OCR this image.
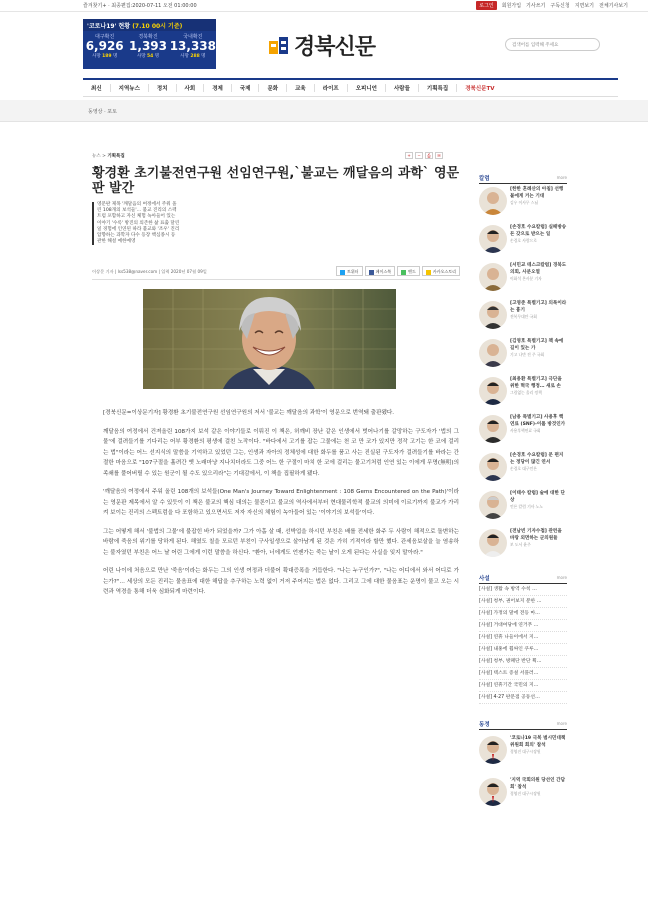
즐겨찾기+ · 최종편집:2020-07-11 오전 01:00:00	로그인	회원가입 기사쓰기 구독신청 지면보기 전체기사보기
'코로나19' 현황 (7.10 00시 기준)
대구확진
6,926
사망 189 명
경북확진
1,393
사망 54 명
국내확진
13,338
사망 288 명	경북신문	검색어를 입력해 주세요
최신	지역뉴스	정치	사회	경제	국제	문화	교육	라이프	오피니언	사람들	기획특집	경북신문TV
동영상 · 포토
뉴스 > 기획특집	+	−	⎙	✉
황경환 초기불전연구원 선임연구원,`불교는 깨달음의 과학` 영문판 발간
영문판 제목 '깨달음의 여정에서 주워 올린 108개의 보석들'… 불교 진리의 스펙트럼 포함하고 자신 체험 녹아들어 있는 이야기 '수록' 방진의 의존한 삶 표출 달린 일 경험에 인연된 따라 불교와 '조우' 진리 압향하는 과학자 다수 등장 핵심종시 등 관한 해설 예한예영
이상문 기자 | lss538@naver.com | 입력 2020년 07월 09일	트위터	페이스북	밴드	카카오스토리

[경북신문=이상문기자] 황경환 초기불전연구원 선임연구원의 저서 '불교는 깨달음의 과학'이 영문으로 번역돼 출판됐다.

깨달음의 여정에서 건져올린 108가지 보석 같은 이야기들로 이뤄진 이 책은, 허깨비 장난 같은 인생에서 벗어나기를 갈망하는 구도자가 '법의 그물'에 걸려들기를 기다리는 어부 황경환의 평생에 걸친 노작이다. "바다에서 고기를 잡는 그물에는 천 코 만 코가 있지만 정작 고기는 한 코에 걸리는 법"이라는 어느 선지식의 말씀을 기억하고 있었던 그는, 인생과 자아의 정체성에 대한 화두를 품고 사는 진실된 구도자가 걸려들기를 바라는 간절한 마음으로 "107구절을 흘려간 옛 노래마냥 지나치더라도 그중 어느 한 구절이 마치 한 코에 걸리는 물고기처럼 인연 있는 이에게 무명(無明)의 족쇄를 풀어버릴 수 있는 원군이 될 수도 있으리라"는 기대감에서, 이 책을 집필하게 됐다.

'깨달음의 여정에서 주워 올린 108개의 보석들(One Man's Journey Toward Enlightenment : 108 Gems Encountered on the Path)'이라는 영문판 제목에서 알 수 있듯이 이 책은 불교의 핵심 대의는 물론이고 불교의 역사에서부터 현대물리학적 불교의 의미에 이르기까지 불교가 가리켜 보이는 진리의 스펙트럼을 다 포함하고 있으면서도 저자 자신의 체험이 녹아들어 있는 '이야기의 보석들'이다.

그는 어떻게 해서 '불법의 그물'에 불잡힌 바가 되었을까? 그가 아홉 살 때, 선박업을 하시던 부친은 배를 전세한 화주 두 사람이 해적으로 돌변하는 바람에 죽음의 위기를 당하게 된다. 해였도 칠을 모르던 부친이 구사일생으로 살아남게 된 것은 가히 기적이라 할만 했다. 관세음보살을 늘 염송하는 불자였던 부친은 어느 날 어린 그에게 이런 말씀을 하신다. "환아, 너에게도 언젠가는 죽는 날이 오게 된다는 사실을 잊지 말아라."

어린 나이에 처음으로 만난 '죽음'이라는 화두는 그의 인생 여정과 더불어 확대증폭을 거듭한다. "나는 누구인가?", "나는 어디에서 와서 어디로 가는가?"… 세상의 모든 진리는 물음표에 대한 해답을 추구하는 노력 없이 거저 주어지는 법은 없다. 그리고 그에 대한 물음표는 운명이 물고 오는 시련과 역경을 통해 더욱 심화되게 마련이다.

칼럼	more
[한한 혼례산의 아침] 선행불에게 거는 기대
김우 이사무 스님
[손경호 수요칼럼] 실패방송 돈 갖으로 받으는 일
손경호 사람으로
[서민교 테스크칼럼] 경북도의회, 사분오열
이화석 본사분 기자
[고영준 특별기고] 의목이라는 흉기
전복무대안 국회
[김영호 특별기고] 책 속에 길이 있는 가
기고 나만 전 주 국회
[최용환 특별기고] 극단을 위한 혁국 행정… 새로 손
그림없는 올리 정책
[남용 특별기고] 사용후 핵연료 (SNF)-이룰 방것인가
사용후핵연료 국회
[손경호 수요칼럼] 문 편지는 정당이 많긴 연서
손경호 대구언론
[이태수 칼럼] 술에 대한 단상
언론 칼럼 기사 노노
[전남빈 기자수첩] 관런을 바랑 외면하는 군의원들
보 도서 윤주
사설	more
[사설] 생활 속 방역 수칙 …
[사설] 청부, 권어보지 분한 …
[사설] 가정의 말에 전등 마…
[사설] 거대여당에 연거푸 …
[사설] 연휴 나들이에서 지…
[사설] 내홍에 휩싸인 쿠루…
[사설] 청부, 방패단 반단 획…
[사설] 텍스트 증설 서플러…
[사설] 연휴기간 국민의 지…
[사설] 4·27 판문점 공동선…
동정	more
'코로나19 극복 범시민대책위원회 회의' 참석
경영진 대구시장원
'지역 국회의원 당선인 간담회' 참석
경영진 대구시장원
